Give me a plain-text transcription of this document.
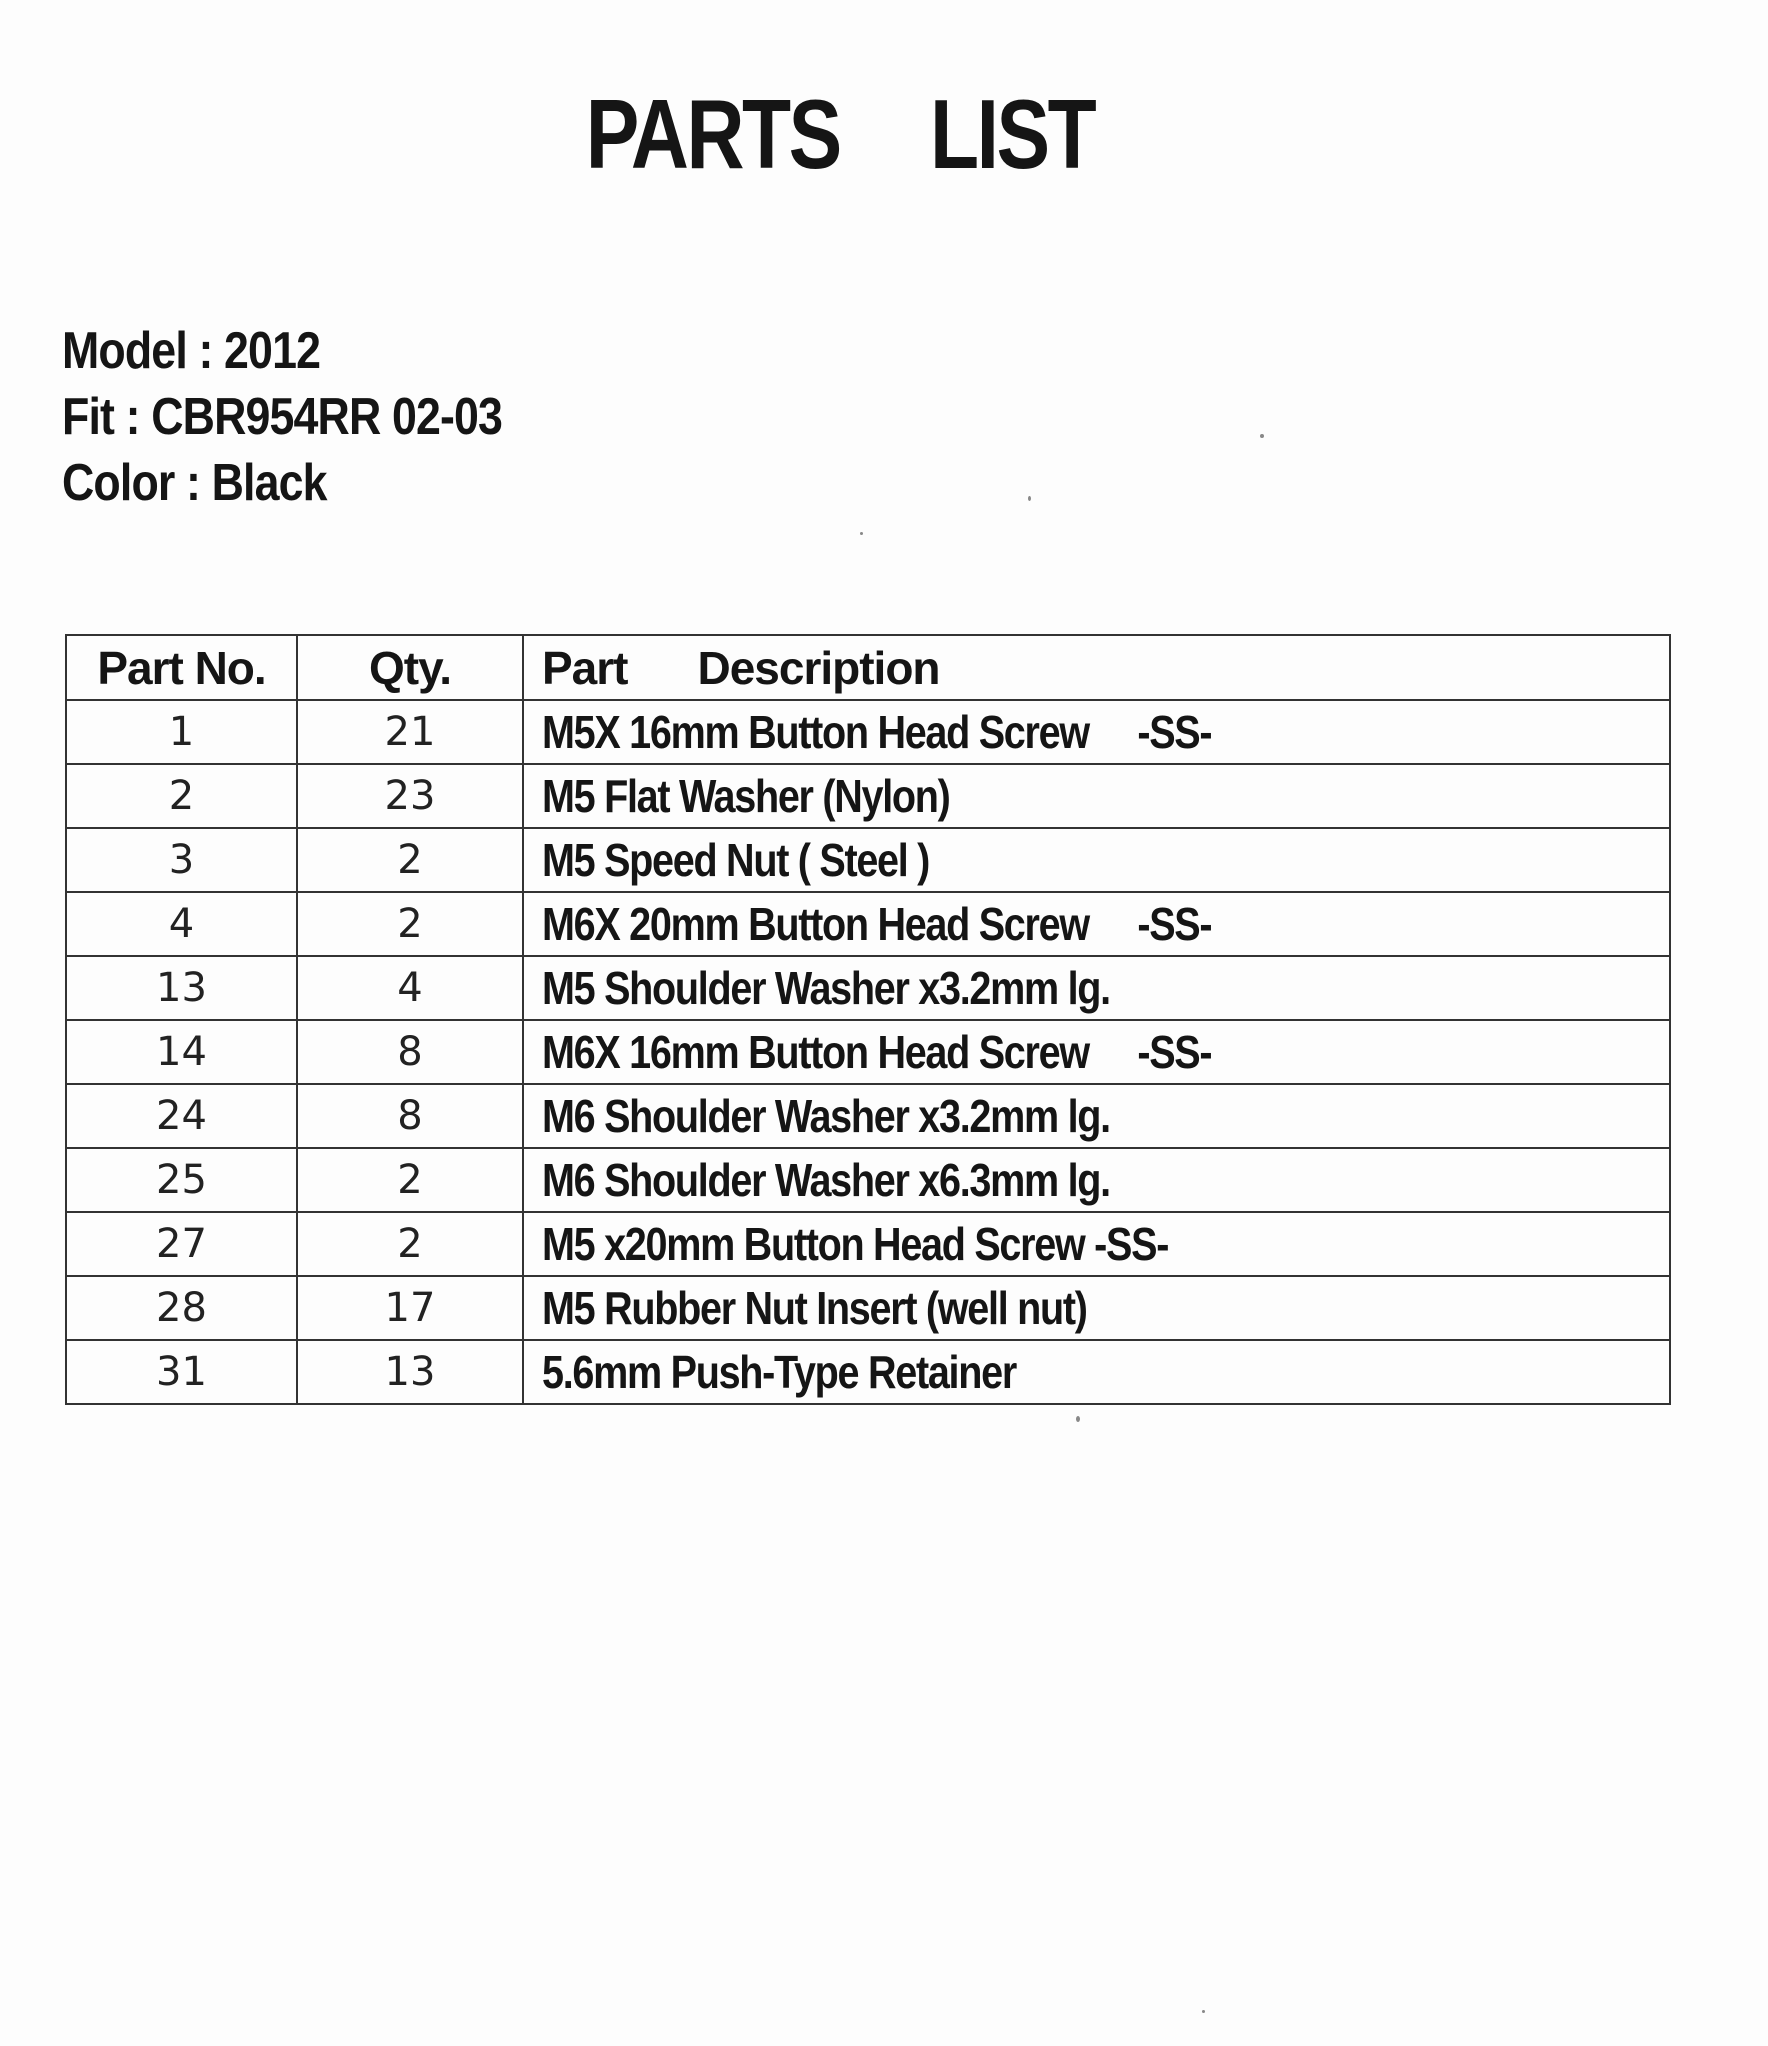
PARTS LIST
Model : 2012
Fit : CBR954RR 02-03
Color : Black
Part No.	Qty.	Part Description
1	21	M5X 16mm Button Head Screw     -SS-
2	23	M5 Flat Washer (Nylon)
3	2	M5 Speed Nut ( Steel )
4	2	M6X 20mm Button Head Screw     -SS-
13	4	M5 Shoulder Washer x3.2mm lg.
14	8	M6X 16mm Button Head Screw     -SS-
24	8	M6 Shoulder Washer x3.2mm lg.
25	2	M6 Shoulder Washer x6.3mm lg.
27	2	M5 x20mm Button Head Screw -SS-
28	17	M5 Rubber Nut Insert (well nut)
31	13	5.6mm Push-Type Retainer
